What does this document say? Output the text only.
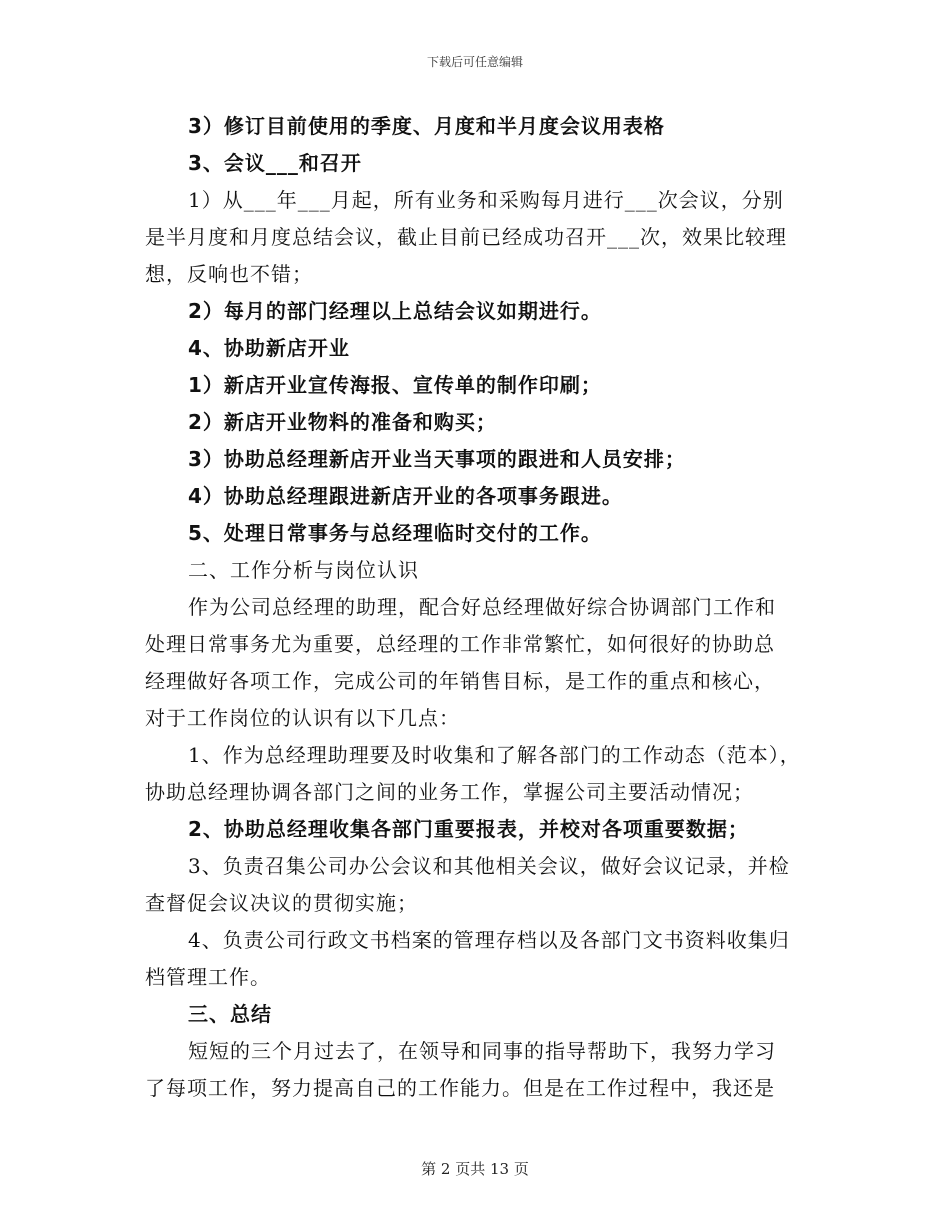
下载后可任意编辑
3）修订目前使用的季度、月度和半月度会议用表格
3、会议___和召开
1）从___年___月起，所有业务和采购每月进行___次会议，分别
是半月度和月度总结会议，截止目前已经成功召开___次，效果比较理
想，反响也不错；
2）每月的部门经理以上总结会议如期进行。
4、协助新店开业
1）新店开业宣传海报、宣传单的制作印刷；
2）新店开业物料的准备和购买；
3）协助总经理新店开业当天事项的跟进和人员安排；
4）协助总经理跟进新店开业的各项事务跟进。
5、处理日常事务与总经理临时交付的工作。
二、工作分析与岗位认识
作为公司总经理的助理，配合好总经理做好综合协调部门工作和
处理日常事务尤为重要，总经理的工作非常繁忙，如何很好的协助总
经理做好各项工作，完成公司的年销售目标，是工作的重点和核心，
对于工作岗位的认识有以下几点：
1、作为总经理助理要及时收集和了解各部门的工作动态（范本），
协助总经理协调各部门之间的业务工作，掌握公司主要活动情况；
2、协助总经理收集各部门重要报表，并校对各项重要数据；
3、负责召集公司办公会议和其他相关会议，做好会议记录，并检
查督促会议决议的贯彻实施；
4、负责公司行政文书档案的管理存档以及各部门文书资料收集归
档管理工作。
三、总结
短短的三个月过去了，在领导和同事的指导帮助下，我努力学习
了每项工作，努力提高自己的工作能力。但是在工作过程中，我还是
第 2 页共 13 页
